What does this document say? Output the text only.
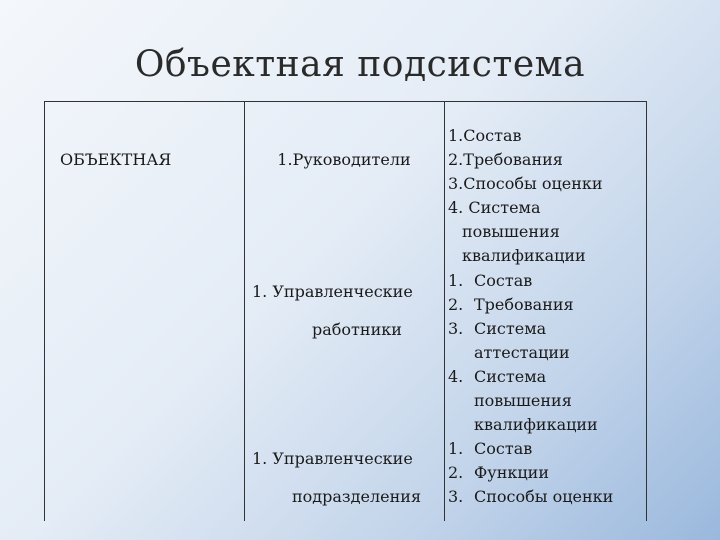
Объектная подсистема
ОБЪЕКТНАЯ	1.Руководители
1. Управленческие
работники
1. Управленческие
подразделения
1.Состав
2.Требования
3.Способы оценки
4. Система
повышения
квалификации
1. Состав
2. Требования
3. Система
аттестации
4. Система
повышения
квалификации
1. Состав
2. Функции
3. Способы оценки
